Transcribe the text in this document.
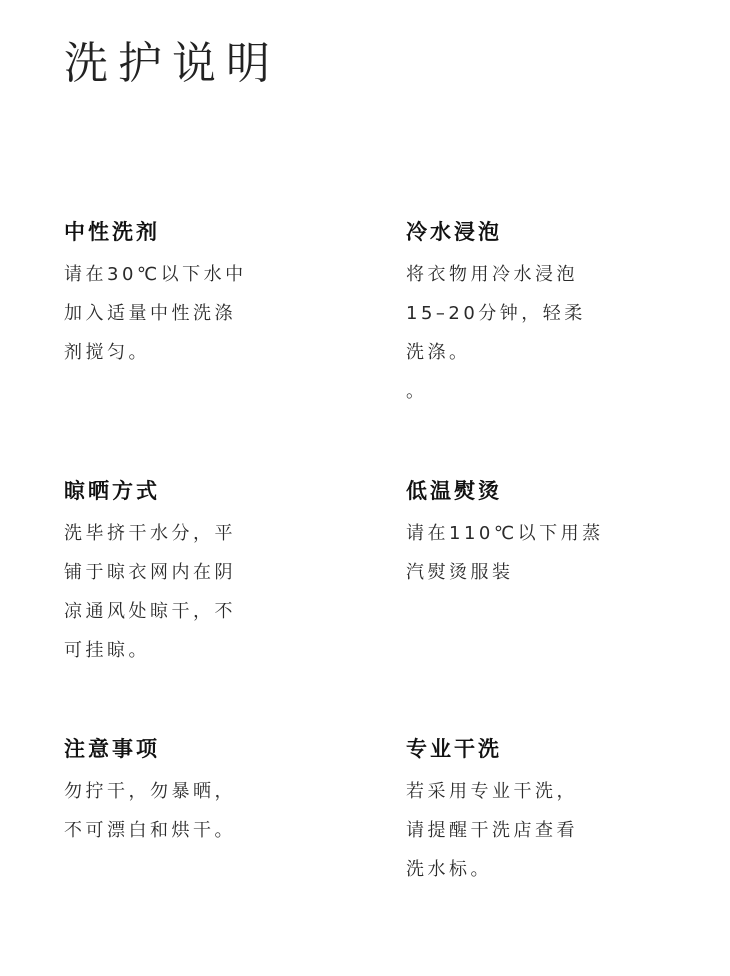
洗护说明
中性洗剂
请在30℃以下水中
加入适量中性洗涤
剂搅匀。
冷水浸泡
将衣物用冷水浸泡
15–20分钟，轻柔
洗涤。
。
晾晒方式
洗毕挤干水分，平
铺于晾衣网内在阴
凉通风处晾干，不
可挂晾。
低温熨烫
请在110℃以下用蒸
汽熨烫服装
注意事项
勿拧干，勿暴晒，
不可漂白和烘干。
专业干洗
若采用专业干洗，
请提醒干洗店查看
洗水标。
